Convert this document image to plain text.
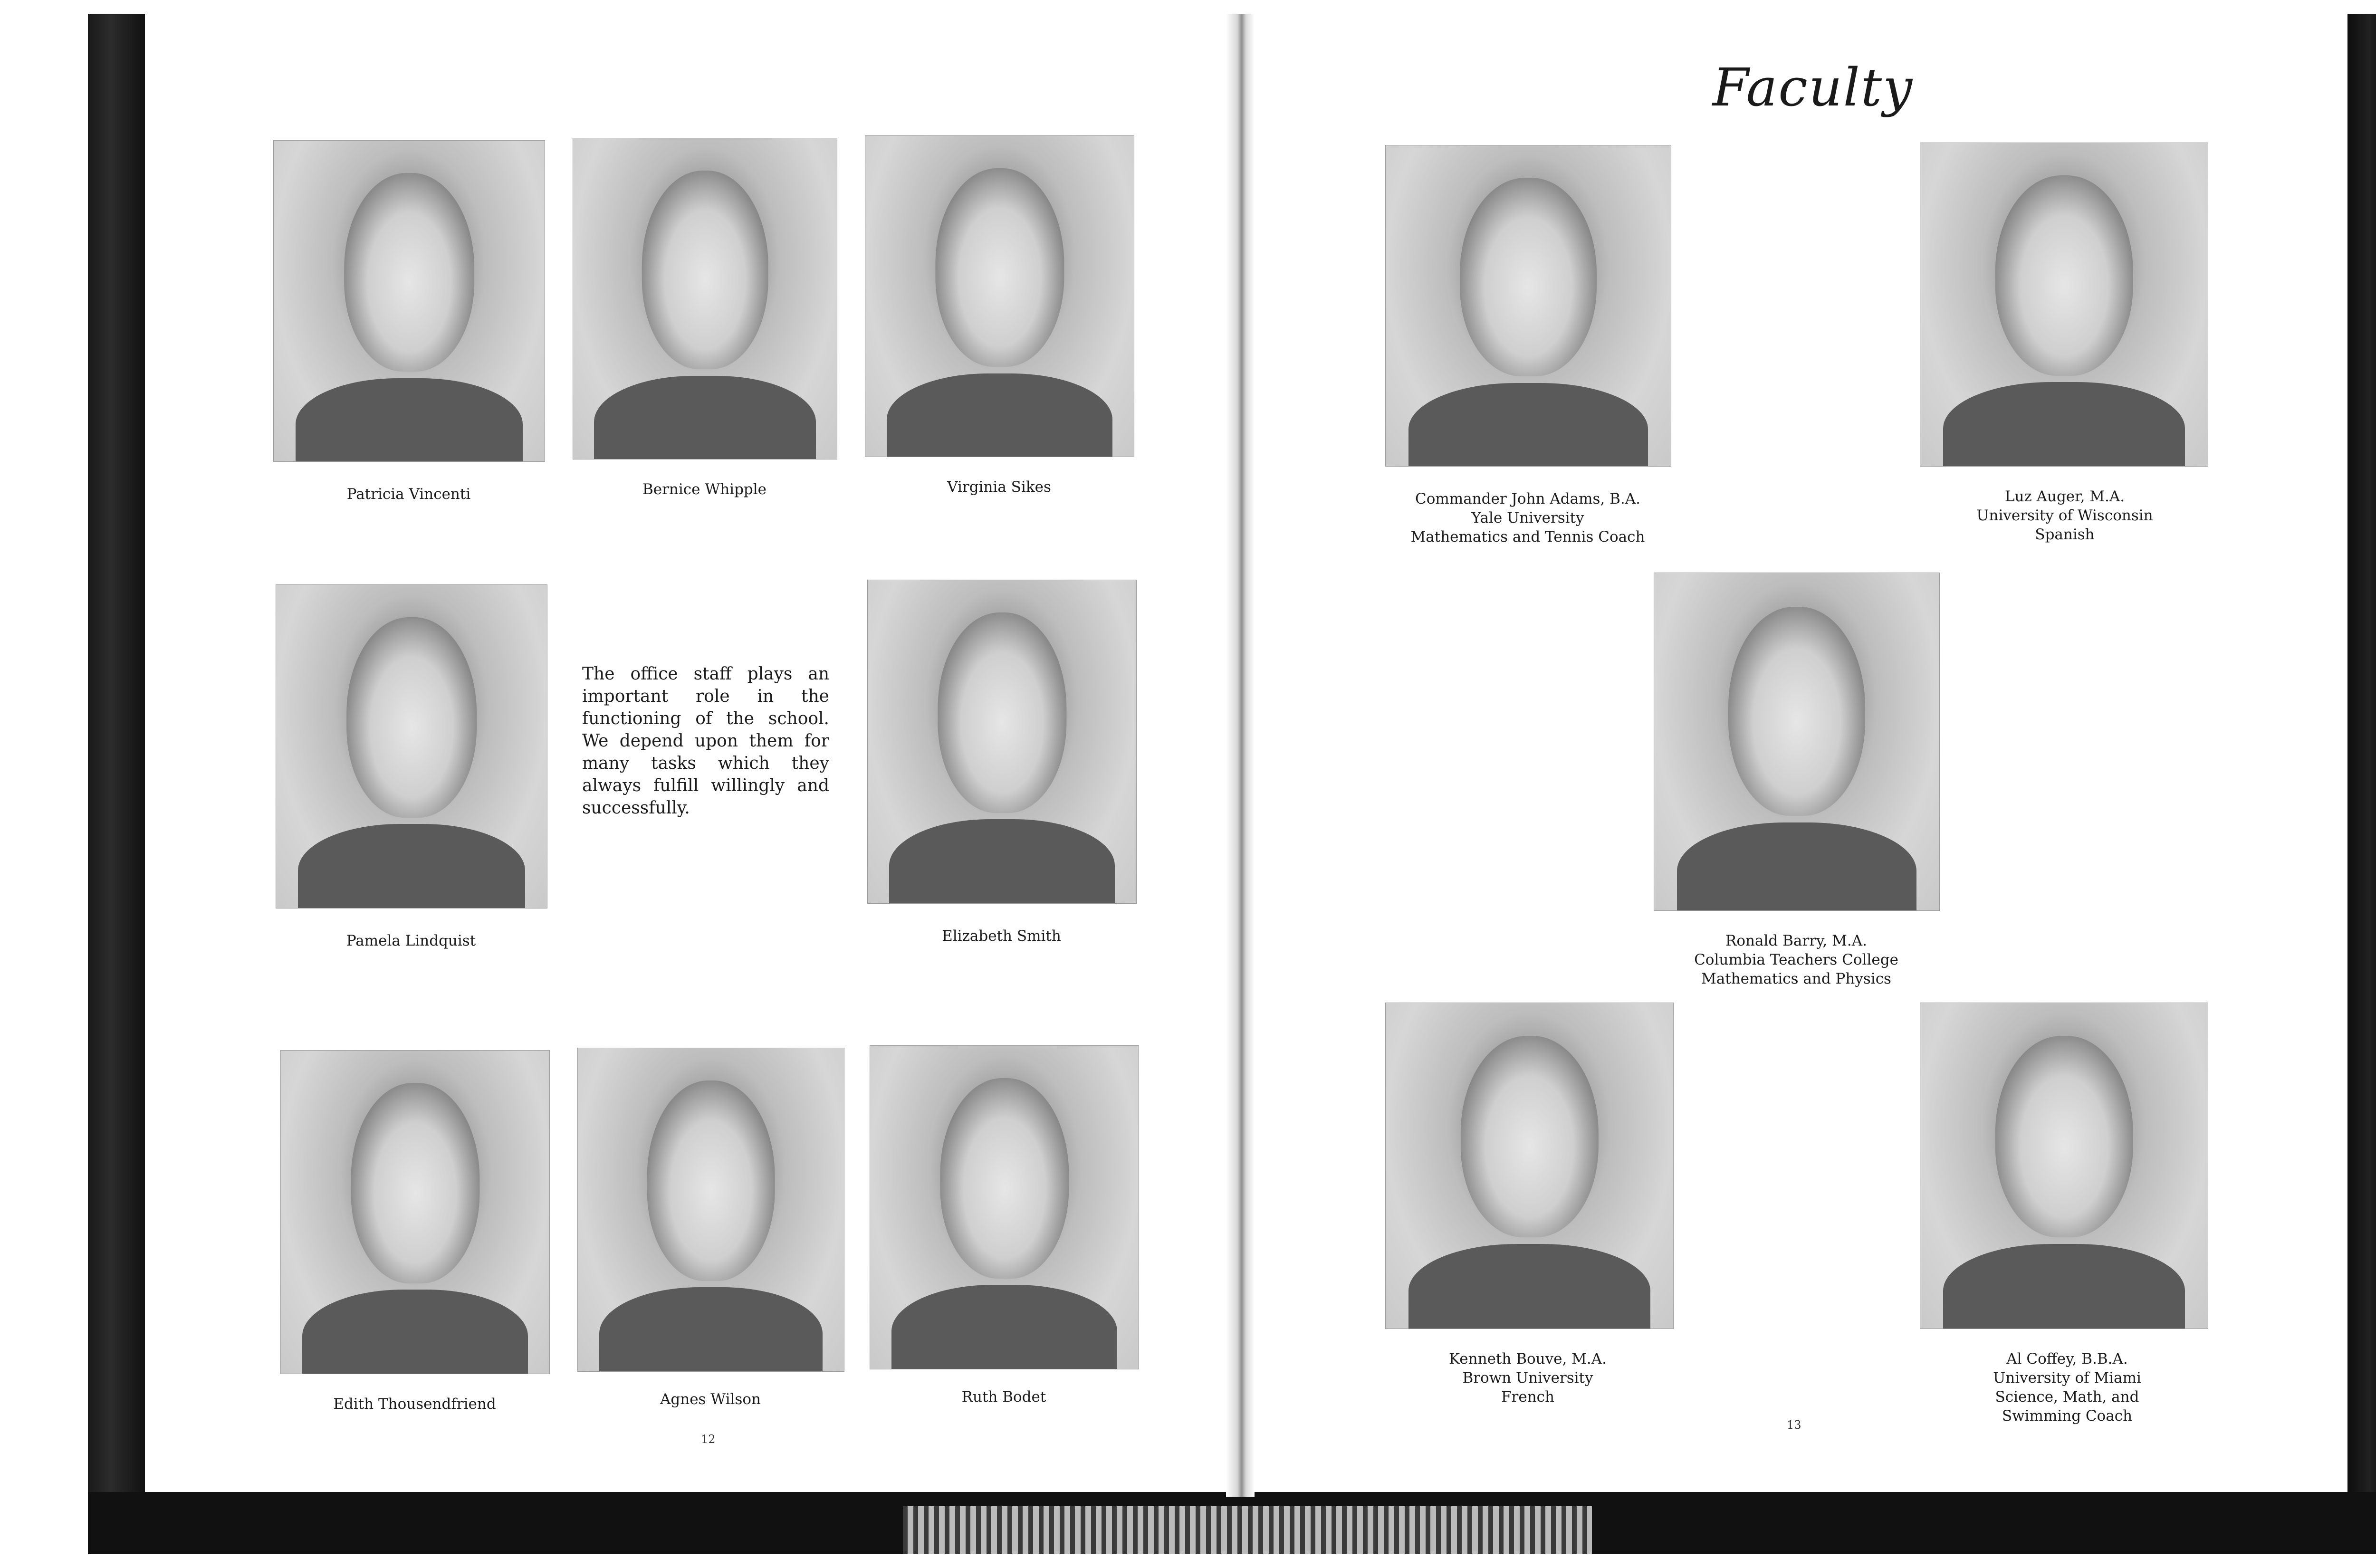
Patricia Vincenti	Bernice Whipple	Virginia Sikes
The office staff plays an important role in the functioning of the school. We depend upon them for many tasks which they always fulfill willingly and successfully.
Pamela Lindquist	Elizabeth Smith
Edith Thousendfriend	Agnes Wilson	Ruth Bodet
12
Faculty
Commander John Adams, B.A.
Yale University
Mathematics and Tennis Coach
Luz Auger, M.A.
University of Wisconsin
Spanish
Ronald Barry, M.A.
Columbia Teachers College
Mathematics and Physics
Kenneth Bouve, M.A.
Brown University
French
Al Coffey, B.B.A.
University of Miami
Science, Math, and
Swimming Coach
13
